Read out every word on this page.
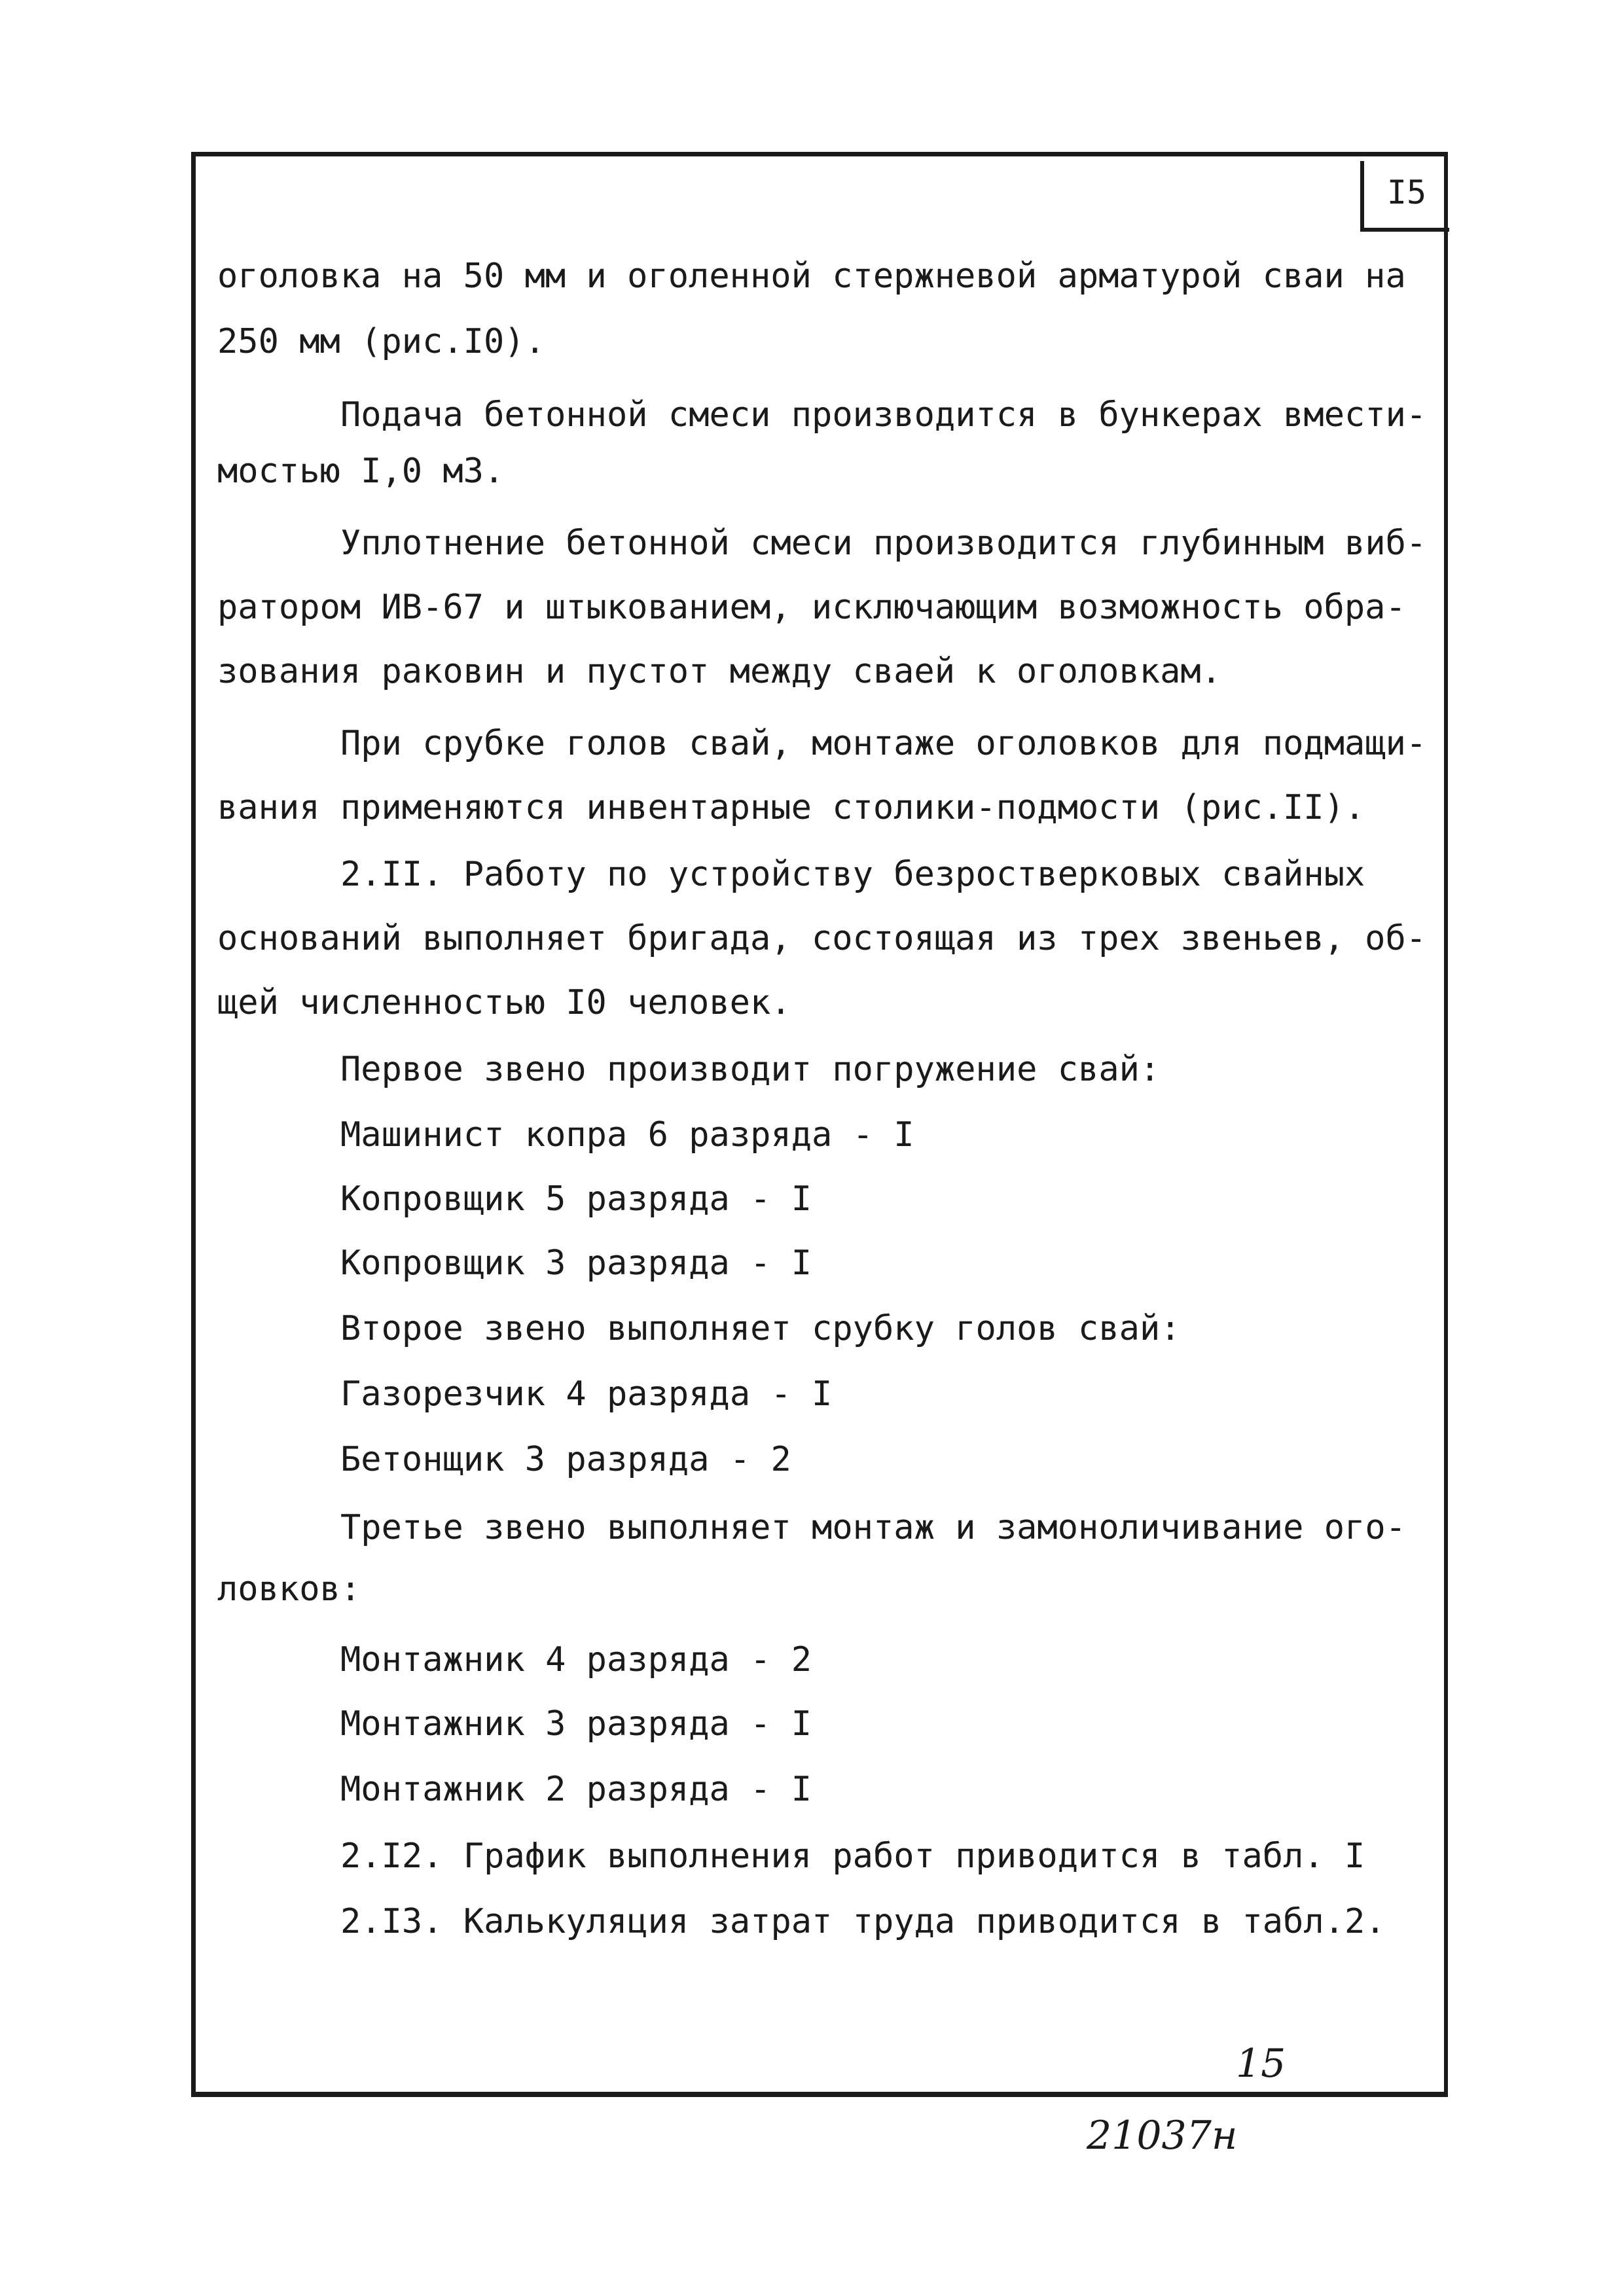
I5

оголовка на 50 мм и оголенной стержневой арматурой сваи на

250 мм (рис.I0).

Подача бетонной смеси производится в бункерах вмести-

мостью I,0 м3.

Уплотнение бетонной смеси производится глубинным виб-

ратором ИВ-67 и штыкованием, исключающим возможность обра-

зования раковин и пустот между сваей к оголовкам.

При срубке голов свай, монтаже оголовков для подмащи-

вания применяются инвентарные столики-подмости (рис.II).

2.II. Работу по устройству безростверковых свайных

оснований выполняет бригада, состоящая из трех звеньев, об-

щей численностью I0 человек.

Первое звено производит погружение свай:

Машинист копра 6 разряда - I

Копровщик 5 разряда - I

Копровщик 3 разряда - I

Второе звено выполняет срубку голов свай:

Газорезчик 4 разряда - I

Бетонщик 3 разряда - 2

Третье звено выполняет монтаж и замоноличивание ого-

ловков:

Монтажник 4 разряда - 2

Монтажник 3 разряда - I

Монтажник 2 разряда - I

2.I2. График выполнения работ приводится в табл. I

2.I3. Калькуляция затрат труда приводится в табл.2.

15
21037н
